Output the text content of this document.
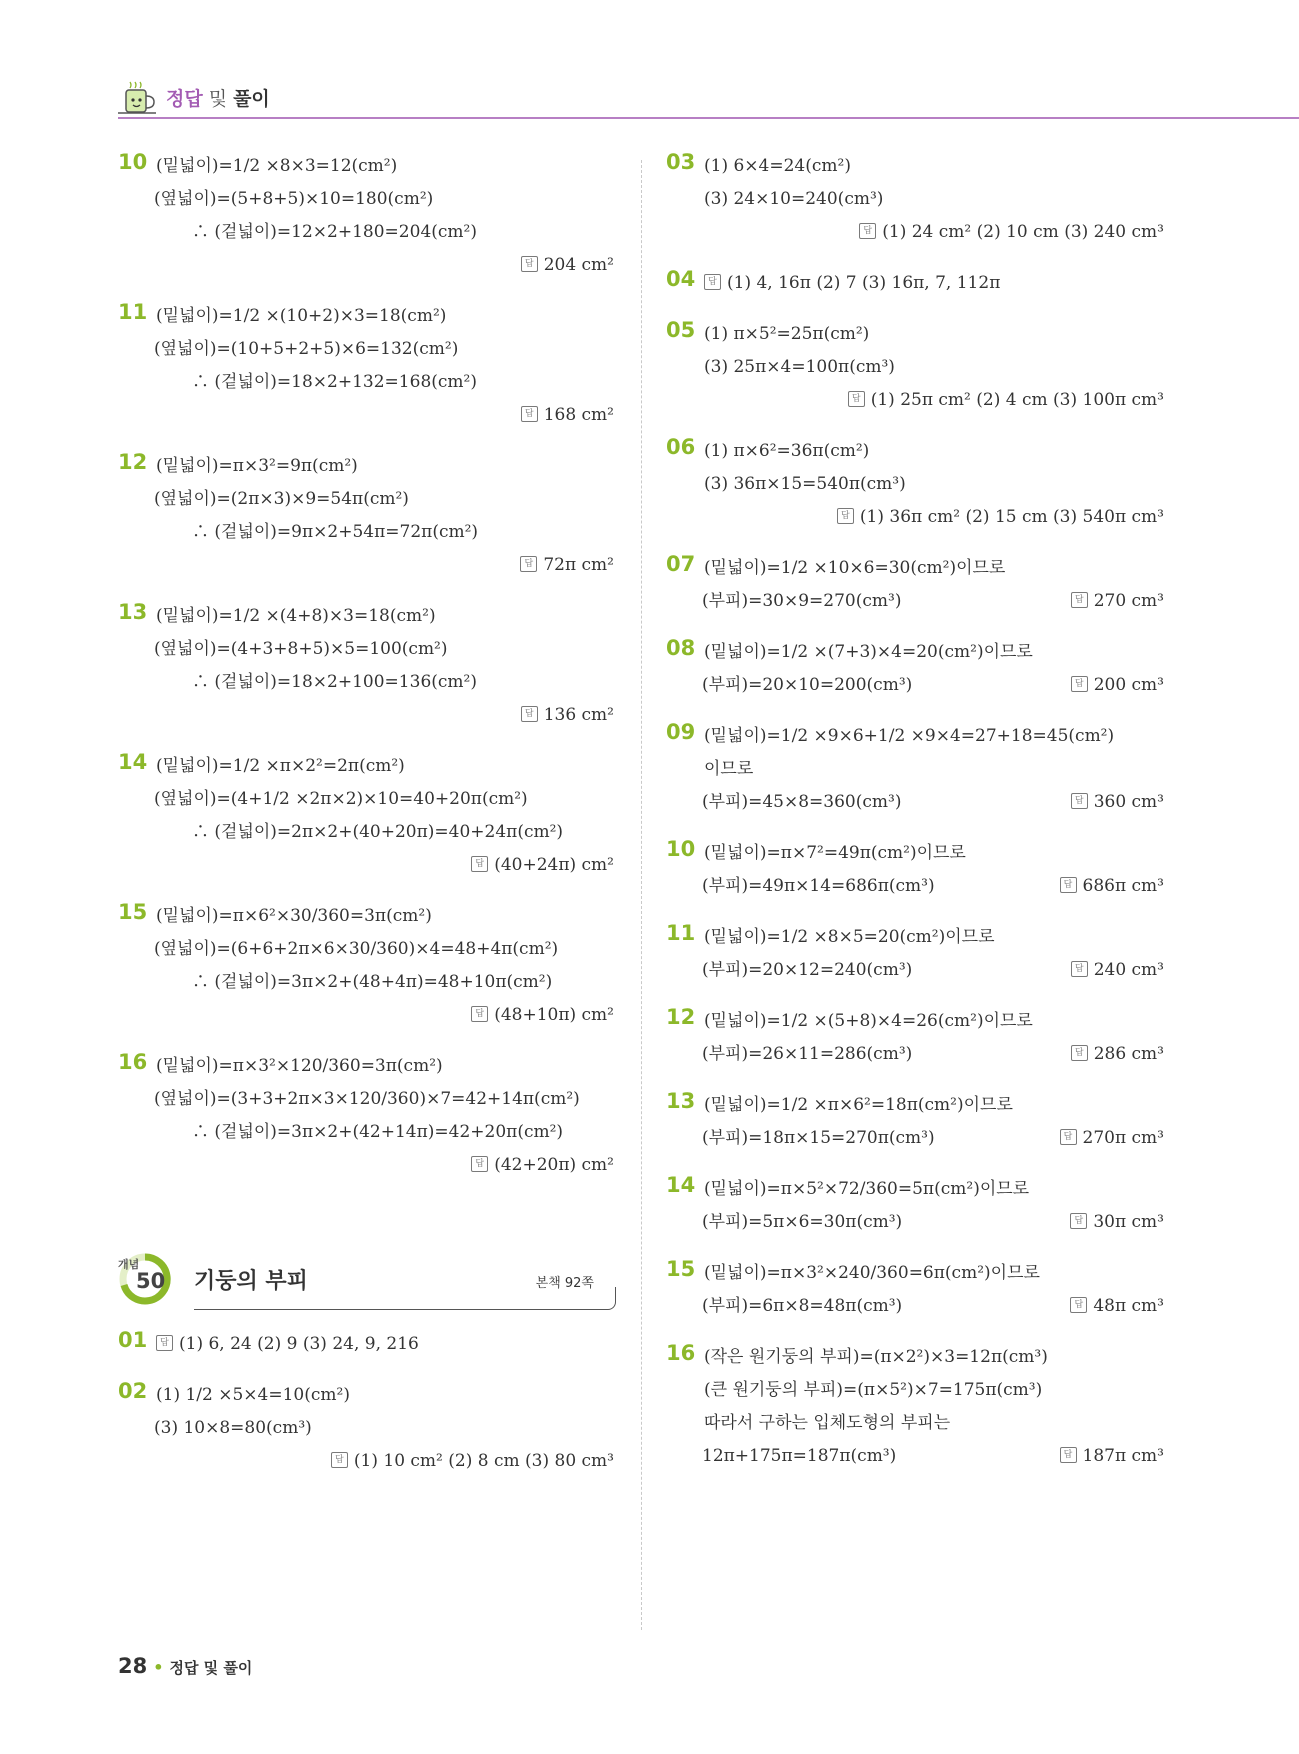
정답 및 풀이
10 (밑넓이)=1/2 ×8×3=12(cm²)
(옆넓이)=(5+8+5)×10=180(cm²)
∴ (겉넓이)=12×2+180=204(cm²)
답 204 cm²
11 (밑넓이)=1/2 ×(10+2)×3=18(cm²)
(옆넓이)=(10+5+2+5)×6=132(cm²)
∴ (겉넓이)=18×2+132=168(cm²)
답 168 cm²
12 (밑넓이)=π×3²=9π(cm²)
(옆넓이)=(2π×3)×9=54π(cm²)
∴ (겉넓이)=9π×2+54π=72π(cm²)
답 72π cm²
13 (밑넓이)=1/2 ×(4+8)×3=18(cm²)
(옆넓이)=(4+3+8+5)×5=100(cm²)
∴ (겉넓이)=18×2+100=136(cm²)
답 136 cm²
14 (밑넓이)=1/2 ×π×2²=2π(cm²)
(옆넓이)=(4+1/2 ×2π×2)×10=40+20π(cm²)
∴ (겉넓이)=2π×2+(40+20π)=40+24π(cm²)
답 (40+24π) cm²
15 (밑넓이)=π×6²×30/360=3π(cm²)
(옆넓이)=(6+6+2π×6×30/360)×4=48+4π(cm²)
∴ (겉넓이)=3π×2+(48+4π)=48+10π(cm²)
답 (48+10π) cm²
16 (밑넓이)=π×3²×120/360=3π(cm²)
(옆넓이)=(3+3+2π×3×120/360)×7=42+14π(cm²)
∴ (겉넓이)=3π×2+(42+14π)=42+20π(cm²)
답 (42+20π) cm²
개념
50 기둥의 부피	본책 92쪽
01	답 (1) 6, 24 (2) 9 (3) 24, 9, 216
02 (1) 1/2 ×5×4=10(cm²)
(3) 10×8=80(cm³)
답 (1) 10 cm² (2) 8 cm (3) 80 cm³
03 (1) 6×4=24(cm²)
(3) 24×10=240(cm³)
답 (1) 24 cm² (2) 10 cm (3) 240 cm³
04	답 (1) 4, 16π (2) 7 (3) 16π, 7, 112π
05 (1) π×5²=25π(cm²)
(3) 25π×4=100π(cm³)
답 (1) 25π cm² (2) 4 cm (3) 100π cm³
06 (1) π×6²=36π(cm²)
(3) 36π×15=540π(cm³)
답 (1) 36π cm² (2) 15 cm (3) 540π cm³
07 (밑넓이)=1/2 ×10×6=30(cm²)이므로
(부피)=30×9=270(cm³)	답 270 cm³
08 (밑넓이)=1/2 ×(7+3)×4=20(cm²)이므로
(부피)=20×10=200(cm³)	답 200 cm³
09 (밑넓이)=1/2 ×9×6+1/2 ×9×4=27+18=45(cm²)
이므로
(부피)=45×8=360(cm³)	답 360 cm³
10 (밑넓이)=π×7²=49π(cm²)이므로
(부피)=49π×14=686π(cm³)	답 686π cm³
11 (밑넓이)=1/2 ×8×5=20(cm²)이므로
(부피)=20×12=240(cm³)	답 240 cm³
12 (밑넓이)=1/2 ×(5+8)×4=26(cm²)이므로
(부피)=26×11=286(cm³)	답 286 cm³
13 (밑넓이)=1/2 ×π×6²=18π(cm²)이므로
(부피)=18π×15=270π(cm³)	답 270π cm³
14 (밑넓이)=π×5²×72/360=5π(cm²)이므로
(부피)=5π×6=30π(cm³)	답 30π cm³
15 (밑넓이)=π×3²×240/360=6π(cm²)이므로
(부피)=6π×8=48π(cm³)	답 48π cm³
16 (작은 원기둥의 부피)=(π×2²)×3=12π(cm³)
(큰 원기둥의 부피)=(π×5²)×7=175π(cm³)
따라서 구하는 입체도형의 부피는
12π+175π=187π(cm³)	답 187π cm³
28 • 정답 및 풀이
